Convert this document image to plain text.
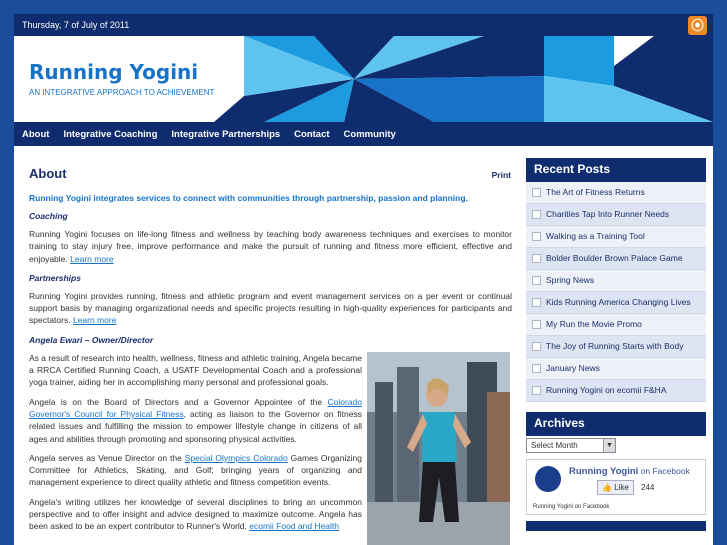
Thursday, 7 of July of 2011	⦿
Running Yogini
AN INTEGRATIVE APPROACH TO ACHIEVEMENT
About Integrative Coaching Integrative Partnerships Contact Community
About	Print
Running Yogini integrates services to connect with communities through partnership, passion and planning.
Coaching
Running Yogini focuses on life-long fitness and wellness by teaching body awareness techniques and exercises to monitor training to stay injury free, improve performance and make the pursuit of running and fitness more efficient, effective and enjoyable. Learn more
Partnerships
Running Yogini provides running, fitness and athletic program and event management services on a per event or continual support basis by managing organizational needs and specific projects resulting in high-quality experiences for participants and spectators. Learn more
Angela Ewari – Owner/Director
As a result of research into health, wellness, fitness and athletic training, Angela became a RRCA Certified Running Coach, a USATF Developmental Coach and a professional yoga trainer, aiding her in accomplishing many personal and professional goals.
Angela is on the Board of Directors and a Governor Appointee of the Colorado Governor's Council for Physical Fitness, acting as liaison to the Governor on fitness related issues and fulfilling the mission to empower lifestyle change in citizens of all ages and abilities through promoting and sponsoring physical activities.
Angela serves as Venue Director on the Special Olympics Colorado Games Organizing Committee for Athletics, Skating, and Golf; bringing years of organizing and management experience to direct quality athletic and fitness competition events.
Angela's writing utilizes her knowledge of several disciplines to bring an uncommon perspective and to offer insight and advice designed to maximize outcome. Angela has been asked to be an expert contributor to Runner's World, ecomii Food and Health
Recent Posts
The Art of Fitness Returns
Charities Tap Into Runner Needs
Walking as a Training Tool
Bolder Boulder Brown Palace Game
Spring News
Kids Running America Changing Lives
My Run the Movie Promo
The Joy of Running Starts with Body
January News
Running Yogini on ecomii F&HA
Archives
Select Month	▼
Running Yogini on Facebook
👍 Like	244
Running Yogini on Facebook
